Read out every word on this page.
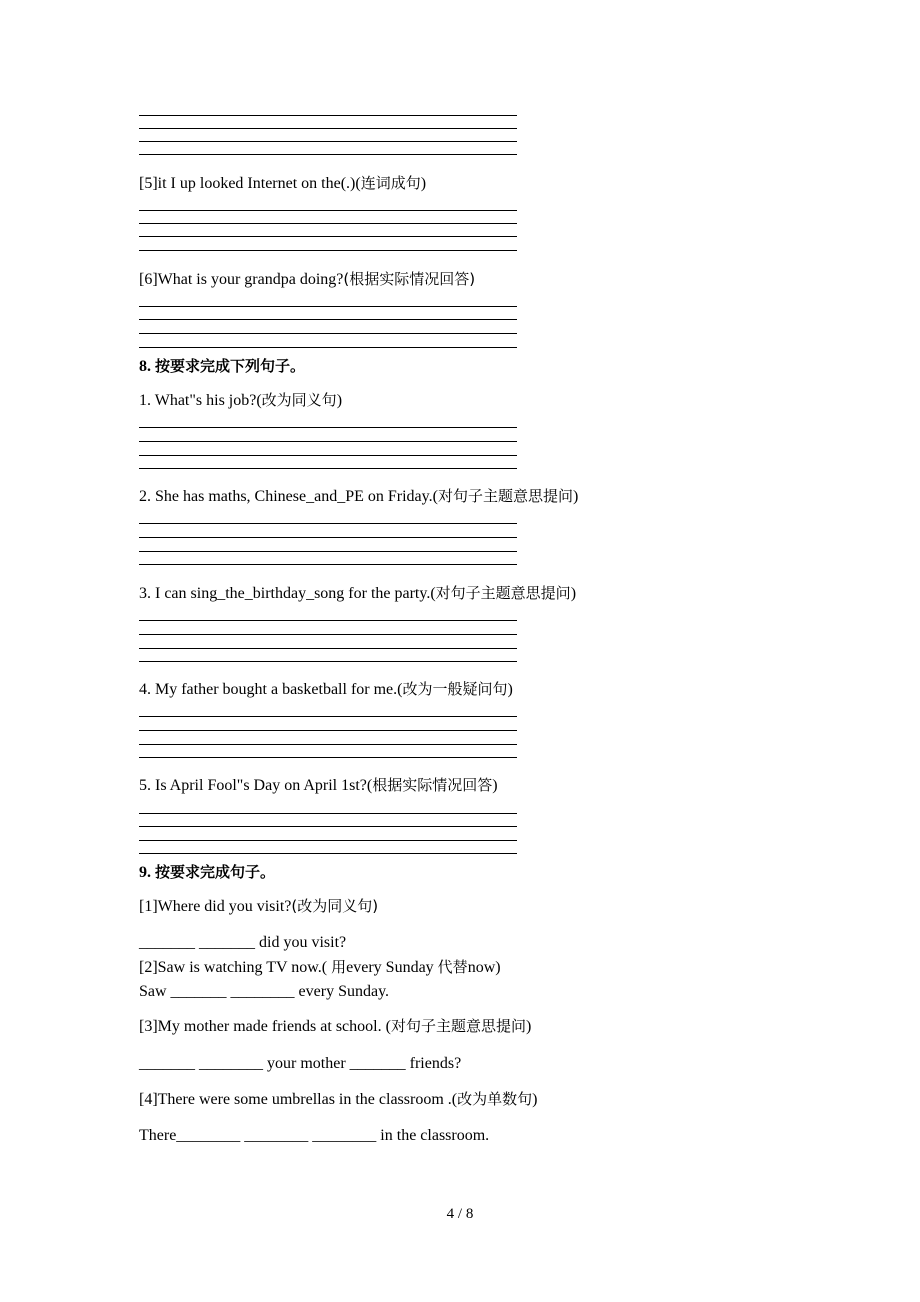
[5]it I up looked Internet on the(.)(连词成句)
[6]What is your grandpa doing?(根据实际情况回答)
8. 按要求完成下列句子。
1. What"s his job?(改为同义句)
2. She has maths, Chinese_and_PE on Friday.(对句子主题意思提问)
3. I can sing_the_birthday_song for the party.(对句子主题意思提问)
4. My father bought a basketball for me.(改为一般疑问句)
5. Is April Fool"s Day on April 1st?(根据实际情况回答)
9. 按要求完成句子。
[1]Where did you visit?(改为同义句)
_______ _______ did you visit?
[2]Saw is watching TV now.( 用every Sunday 代替now)
Saw _______ ________ every Sunday.
[3]My mother made friends at school. (对句子主题意思提问)
_______ ________ your mother _______ friends?
[4]There were some umbrellas in the classroom .(改为单数句)
There________ ________ ________ in the classroom.
4 / 8
